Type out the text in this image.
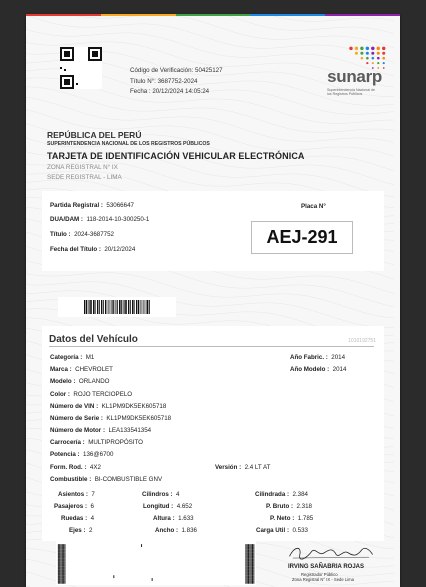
Código de Verificación: 50425127
Título N°: 3687752-2024
Fecha : 20/12/2024 14:05:24
sunarp
Superintendencia Nacional de los Registros Públicos
REPÚBLICA DEL PERÚ
SUPERINTENDENCIA NACIONAL DE LOS REGISTROS PÚBLICOS
TARJETA DE IDENTIFICACIÓN VEHICULAR ELECTRÓNICA
ZONA REGISTRAL N° IX
SEDE REGISTRAL - LIMA
Partida Registral : 53066647
DUA/DAM : 118-2014-10-300250-1
Título : 2024-3687752
Fecha del Título : 20/12/2024
Placa N°
AEJ-291
Datos del Vehículo	1010192751
Categoría : M1	Año Fabric. : 2014
Marca : CHEVROLET	Año Modelo : 2014
Modelo : ORLANDO
Color : ROJO TERCIOPELO
Número de VIN : KL1PM9DK5EK605718
Número de Serie : KL1PM9DK5EK605718
Número de Motor : LEA133541354
Carrocería : MULTIPROPÓSITO
Potencia : 136@6700
Form. Rod. : 4X2	Versión : 2.4 LT AT
Combustible : BI-COMBUSTIBLE GNV
Asientos : 7	Cilindros : 4	Cilindrada : 2.384
Pasajeros : 6	Longitud : 4.652	P. Bruto : 2.318
Ruedas : 4	Altura : 1.633	P. Neto : 1.785
Ejes : 2	Ancho : 1.836	Carga Util : 0.533
IRVING SAÑABRIA ROJAS
Registrador Público
Zona Registral N° IX - Sede Lima
